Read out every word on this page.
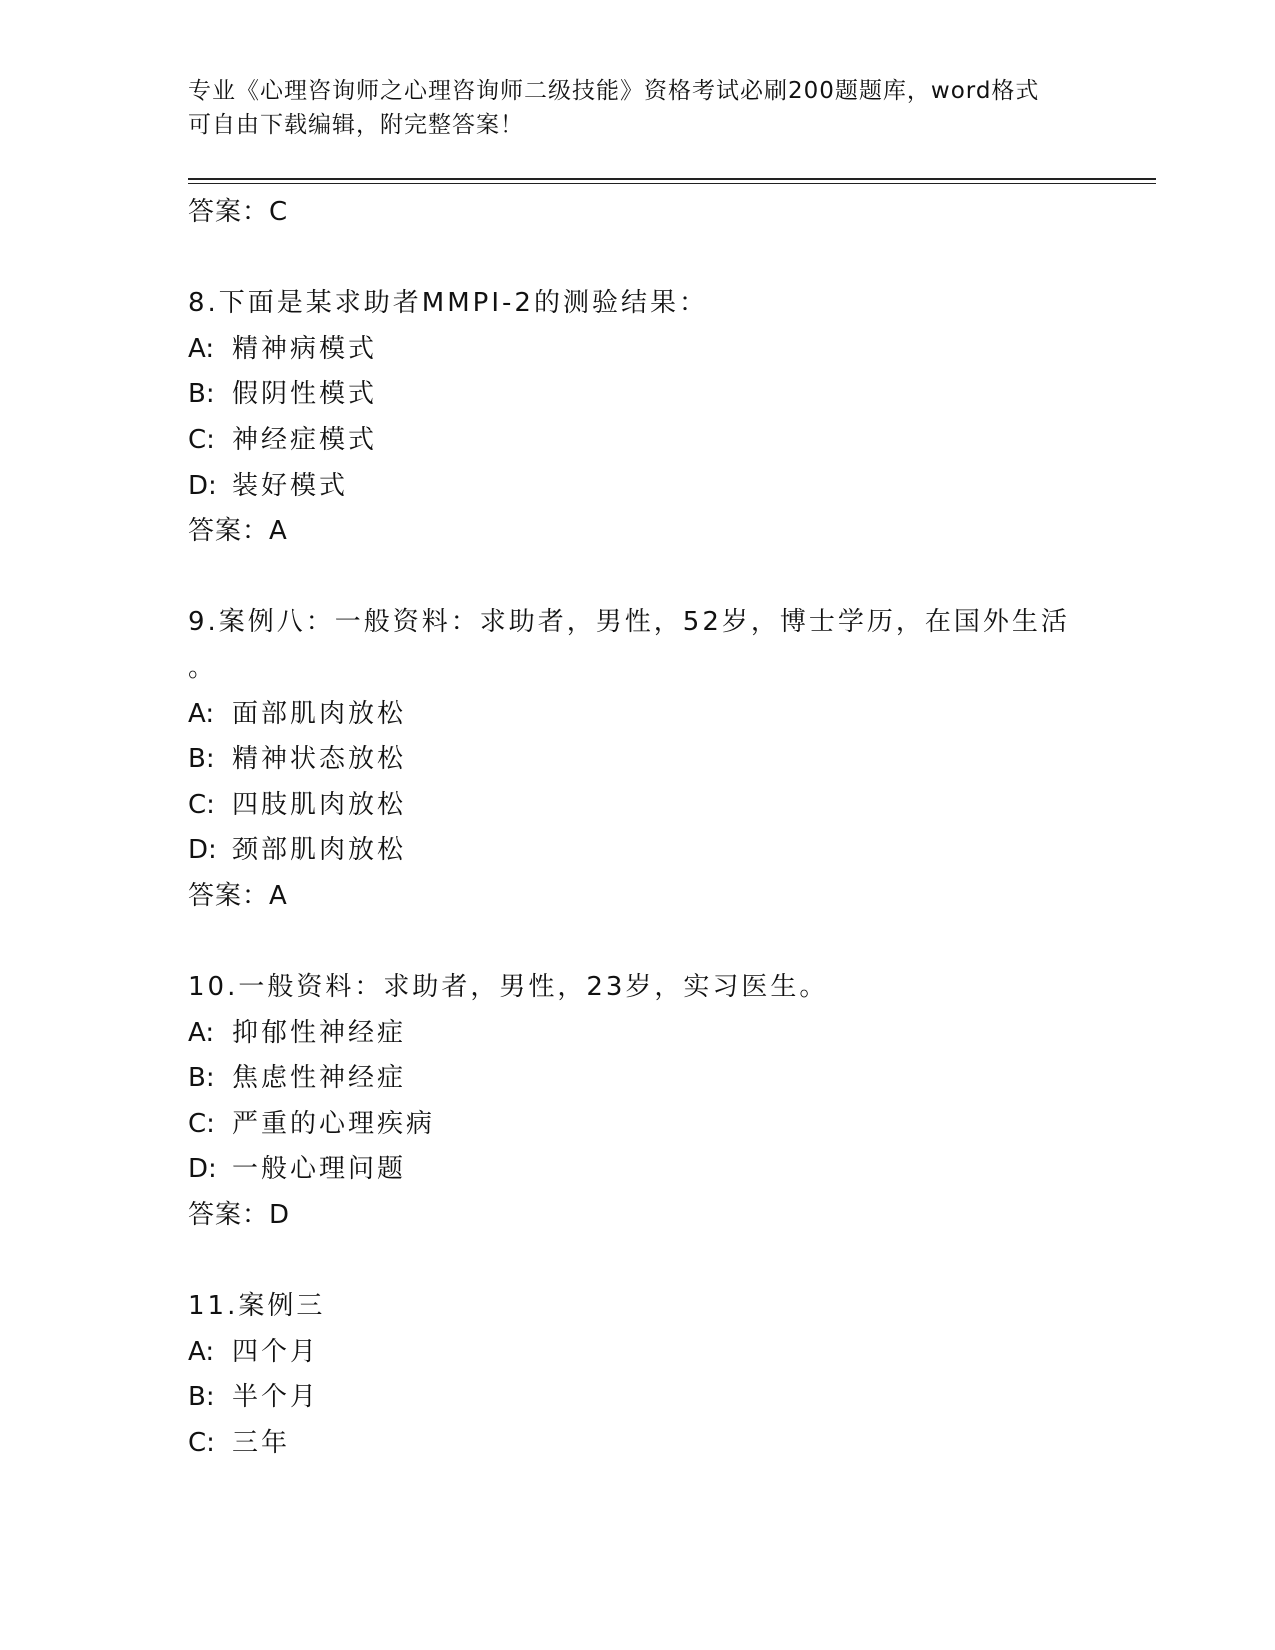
专业《心理咨询师之心理咨询师二级技能》资格考试必刷200题题库，word格式
可自由下载编辑，附完整答案！
答案：C
8.下面是某求助者MMPI-2的测验结果：
A: 精神病模式
B: 假阴性模式
C: 神经症模式
D: 装好模式
答案：A
9.案例八：一般资料：求助者，男性，52岁，博士学历，在国外生活
。
A: 面部肌肉放松
B: 精神状态放松
C: 四肢肌肉放松
D: 颈部肌肉放松
答案：A
10.一般资料：求助者，男性，23岁，实习医生。
A: 抑郁性神经症
B: 焦虑性神经症
C: 严重的心理疾病
D: 一般心理问题
答案：D
11.案例三
A: 四个月
B: 半个月
C: 三年
